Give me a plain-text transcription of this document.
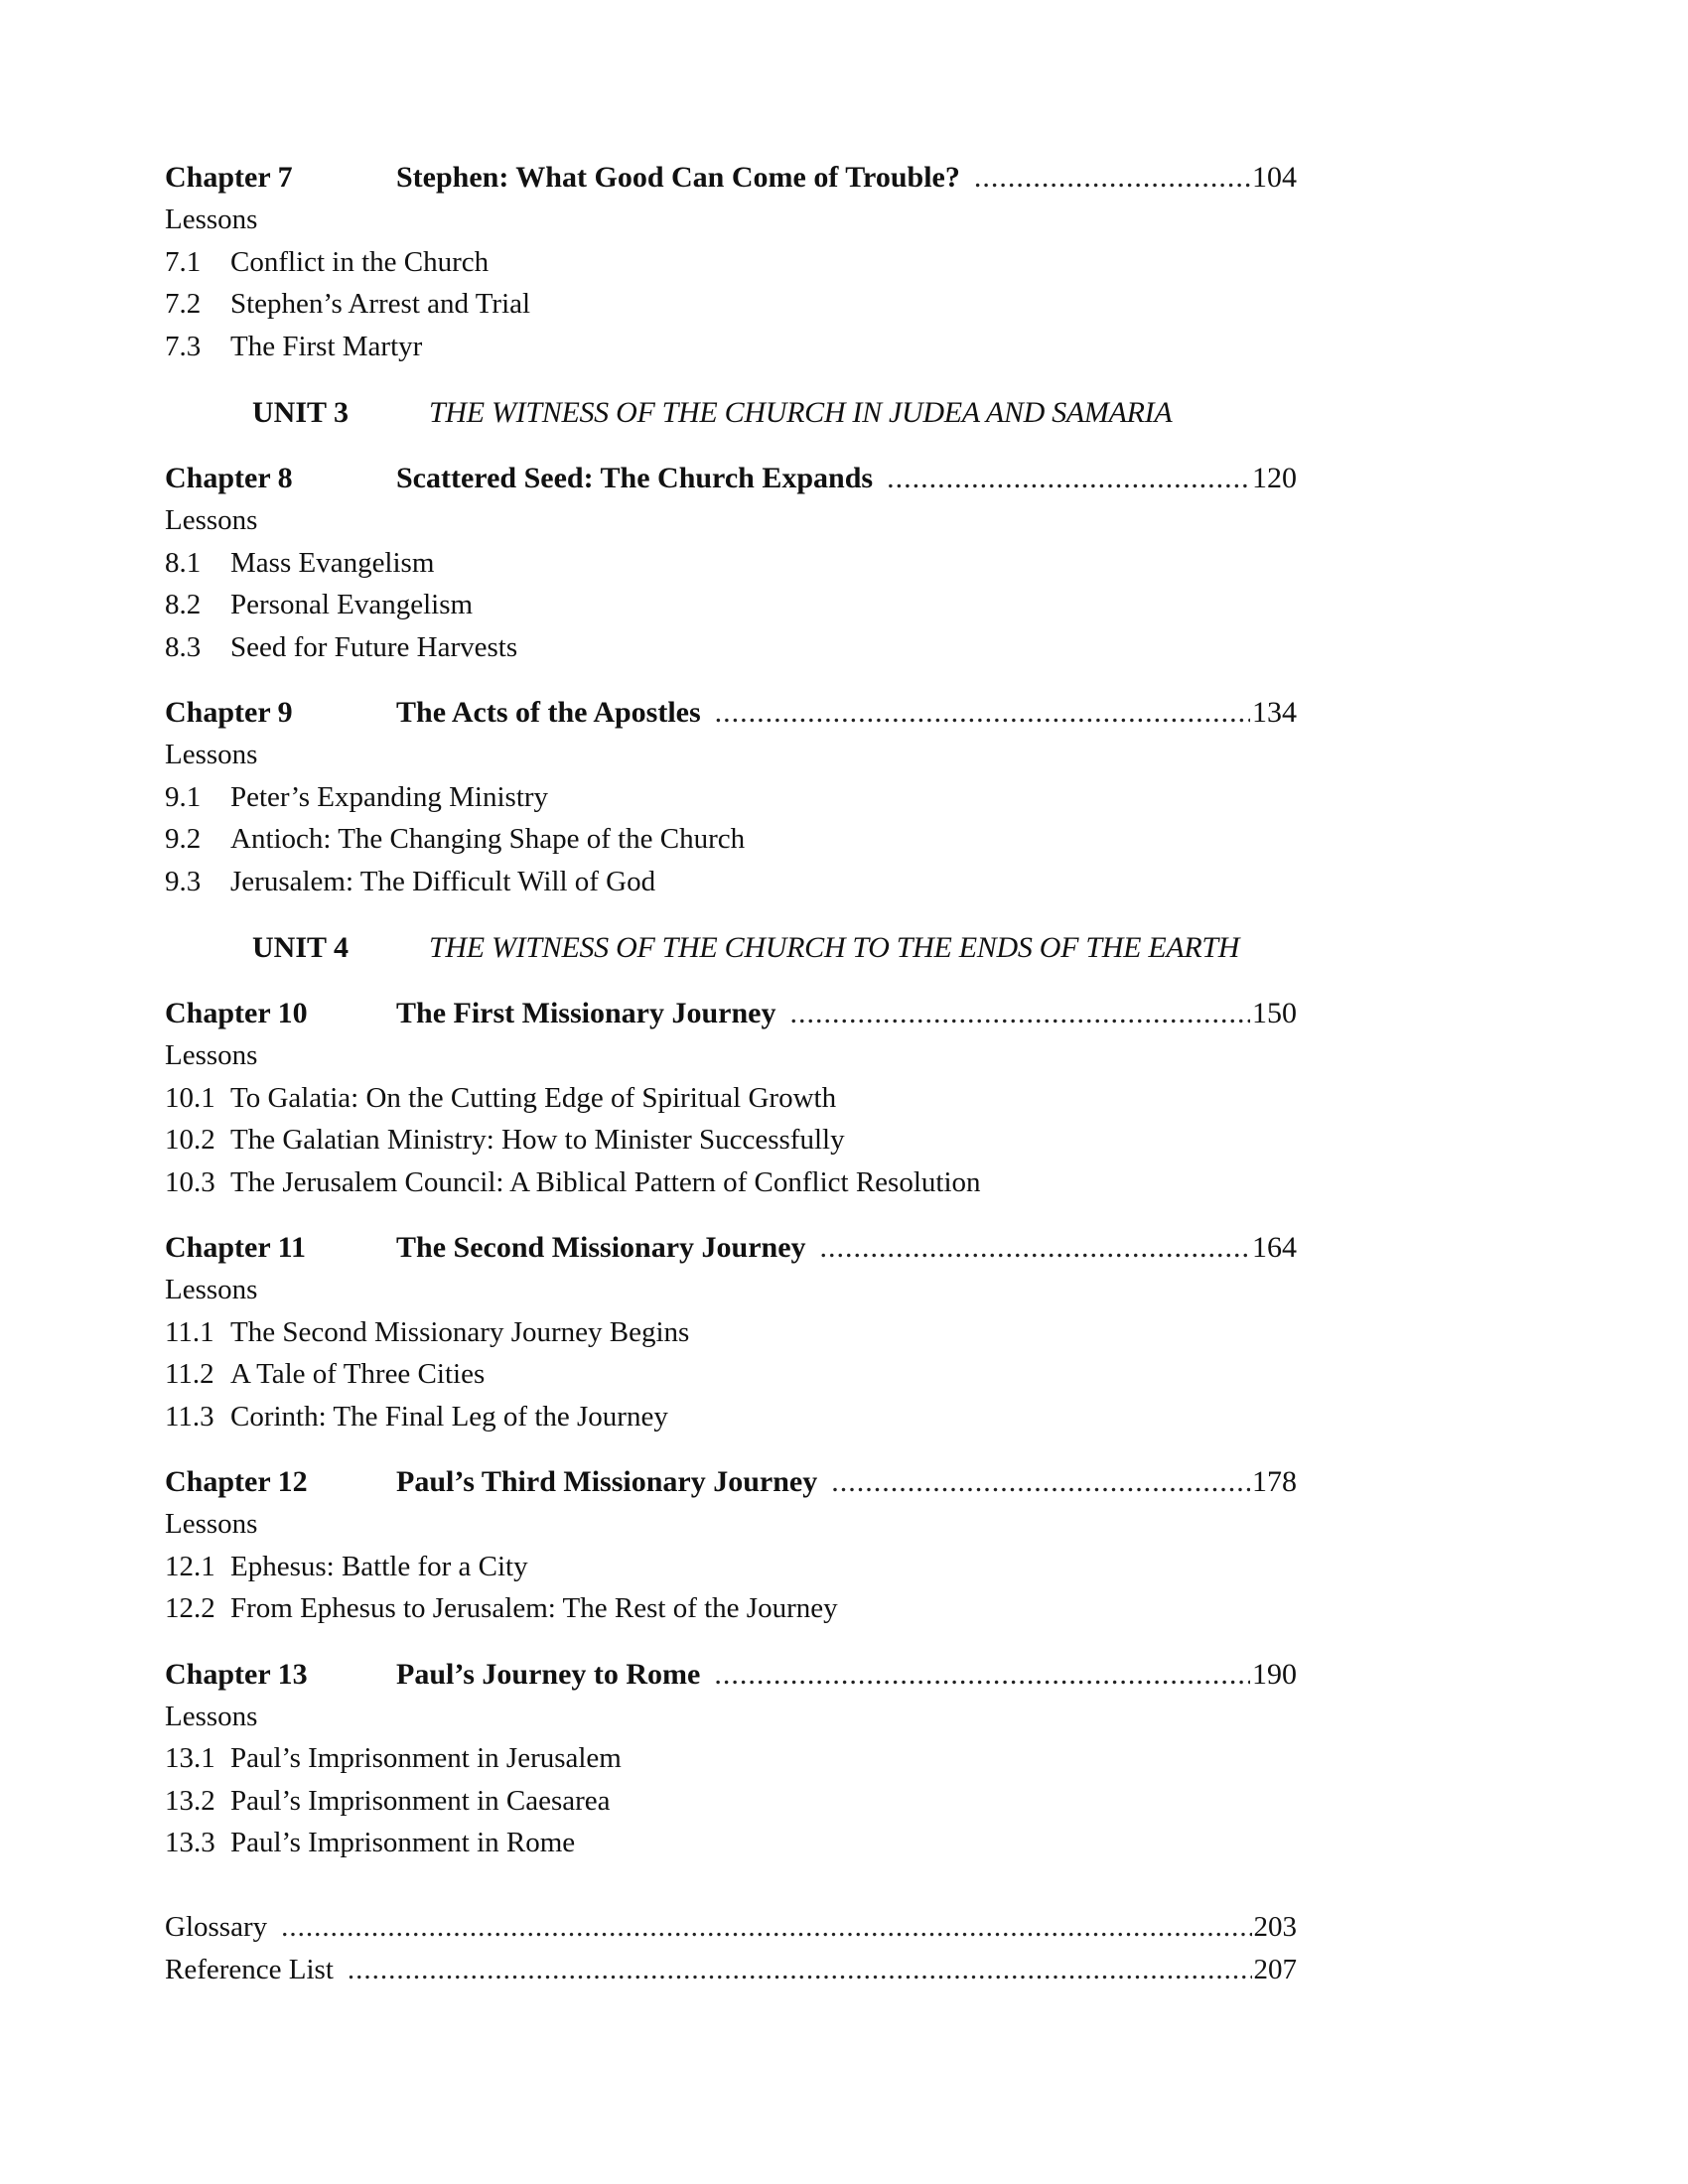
Chapter 7	Stephen: What Good Can Come of Trouble? .....	104
Lessons
7.1	Conflict in the Church
7.2	Stephen’s Arrest and Trial
7.3	The First Martyr
UNIT 3	THE WITNESS OF THE CHURCH IN JUDEA AND SAMARIA
Chapter 8	Scattered Seed: The Church Expands .....	120
Lessons
8.1	Mass Evangelism
8.2	Personal Evangelism
8.3	Seed for Future Harvests
Chapter 9	The Acts of the Apostles .....	134
Lessons
9.1	Peter’s Expanding Ministry
9.2	Antioch: The Changing Shape of the Church
9.3	Jerusalem: The Difficult Will of God
UNIT 4	THE WITNESS OF THE CHURCH TO THE ENDS OF THE EARTH
Chapter 10	The First Missionary Journey .....	150
Lessons
10.1 To Galatia: On the Cutting Edge of Spiritual Growth
10.2 The Galatian Ministry: How to Minister Successfully
10.3 The Jerusalem Council: A Biblical Pattern of Conflict Resolution
Chapter 11	The Second Missionary Journey .....	164
Lessons
11.1 The Second Missionary Journey Begins
11.2 A Tale of Three Cities
11.3 Corinth: The Final Leg of the Journey
Chapter 12	Paul’s Third Missionary Journey .....	178
Lessons
12.1 Ephesus: Battle for a City
12.2 From Ephesus to Jerusalem: The Rest of the Journey
Chapter 13	Paul’s Journey to Rome .....	190
Lessons
13.1 Paul’s Imprisonment in Jerusalem
13.2 Paul’s Imprisonment in Caesarea
13.3 Paul’s Imprisonment in Rome
Glossary .....	203
Reference List .....	207
